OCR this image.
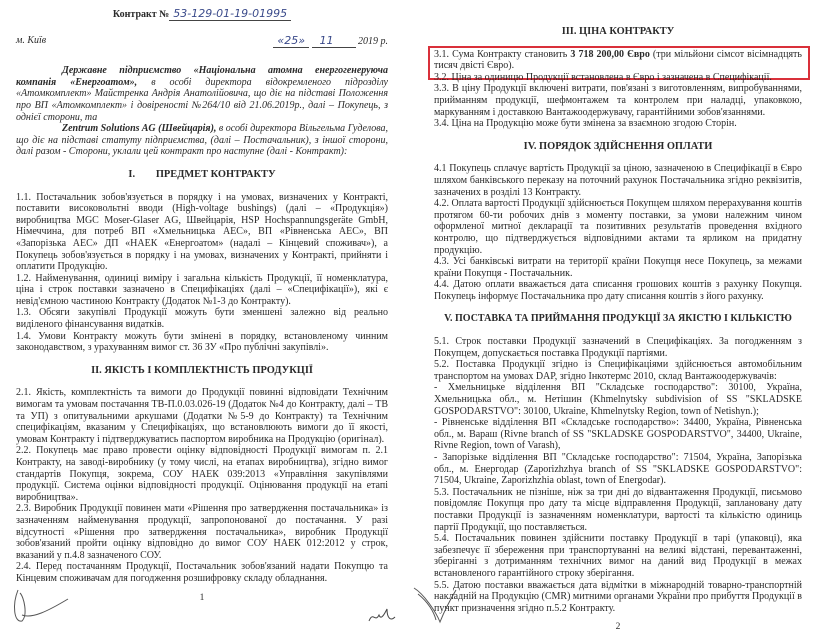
Контракт № 53-129-01-19-01995
м. Київ	«25» 11 2019 р.
Державне підприємство «Національна атомна енергогенеруюча компанія «Енергоатом», в особі директора відокремленого підрозділу «Атомкомплект» Майстренка Андрія Анатолійовича, що діє на підставі Положення про ВП «Атомкомплект» і довіреності №264/10 від 21.06.2019р., далі – Покупець, з однієї сторони, та
Zentrum Solutions AG (Швейцарія), в особі директора Вільгельма Гуделова, що діє на підставі статуту підприємства, (далі – Постачальник), з іншої сторони, далі разом - Сторони, уклали цей контракт про наступне (далі - Контракт):
I.        ПРЕДМЕТ КОНТРАКТУ
1.1. Постачальник зобов'язується в порядку і на умовах, визначених у Контракті, поставити високовольтні вводи (High-voltage bushings) (далі – «Продукція») виробництва MGC Moser-Glaser AG, Швейцарія, HSP Hochspannungsgeräte GmbH, Німеччина, для потреб ВП «Хмельницька АЕС», ВП «Рівненська АЕС», ВП «Запорізька АЕС» ДП «НАЕК «Енергоатом» (надалі – Кінцевий споживач»), а Покупець зобов'язується в порядку і на умовах, визначених у Контракті, прийняти і оплатити Продукцію.
1.2. Найменування, одиниці виміру і загальна кількість Продукції, її номенклатура, ціна і строк поставки зазначено в Специфікаціях (далі – «Специфікації»), які є невід'ємною частиною Контракту (Додаток №1-3 до Контракту).
1.3. Обсяги закупівлі Продукції можуть бути зменшені залежно від реально виділеного фінансування видатків.
1.4. Умови Контракту можуть бути змінені в порядку, встановленому чинним законодавством, з урахуванням вимог ст. 36 ЗУ «Про публічні закупівлі».
II. ЯКІСТЬ І КОМПЛЕКТНІСТЬ ПРОДУКЦІЇ
2.1. Якість, комплектність та вимоги до Продукції повинні відповідати Технічним вимогам та умовам постачання ТВ-П.0.03.026-19 (Додаток №4 до Контракту, далі – ТВ та УП) з опитувальними аркушами (Додатки №5-9 до Контракту) та Технічним специфікаціям, вказаним у Специфікаціях, що встановлюють вимоги до її якості, умовам Контракту і підтверджуватись паспортом виробника на Продукцію (оригінал).
2.2. Покупець має право провести оцінку відповідності Продукції вимогам п. 2.1 Контракту, на заводі-виробнику (у тому числі, на етапах виробництва), згідно вимог стандартів Покупця, зокрема, СОУ НАЕК 039:2013 «Управління закупівлями продукції. Система оцінки відповідності продукції. Оцінювання продукції на етапі виробництва».
2.3. Виробник Продукції повинен мати «Рішення про затвердження постачальника» із зазначенням найменування продукції, запропонованої до постачання. У разі відсутності «Рішення про затвердження постачальника», виробник Продукції зобов'язаний пройти оцінку відповідно до вимог СОУ НАЕК 012:2012 у строк, вказаний у п.4.8 зазначеного СОУ.
2.4. Перед постачанням Продукції, Постачальник зобов'язаний надати Покупцю та Кінцевим споживачам для погодження розшифровку складу обладнання.
1
III. ЦІНА КОНТРАКТУ
3.1. Сума Контракту становить 3 718 200,00 Євро (три мільйони сімсот вісімнадцять тисяч двісті Євро).
3.2. Ціна за одиницю Продукції встановлена в Євро і зазначена в Специфікації.
3.3. В ціну Продукції включені витрати, пов'язані з виготовленням, випробуваннями, прийманням продукції, шефмонтажем та контролем при наладці, упаковкою, маркуванням і доставкою Вантажоодержувачу, гарантійними зобов'язаннями.
3.4. Ціна на Продукцію може бути змінена за взаємною згодою Сторін.
IV. ПОРЯДОК ЗДІЙСНЕННЯ ОПЛАТИ
4.1 Покупець сплачує вартість Продукції за ціною, зазначеною в Специфікації в Євро шляхом банківського переказу на поточний рахунок Постачальника згідно реквізитів, зазначених в розділі 13 Контракту.
4.2. Оплата вартості Продукції здійснюється Покупцем шляхом перерахування коштів протягом 60-ти робочих днів з моменту поставки, за умови належним чином оформленої митної декларації та позитивних результатів проведення вхідного контролю, що підтверджується відповідними актами та ярликом на придатну продукцію.
4.3. Усі банківські витрати на території країни Покупця несе Покупець, за межами країни Покупця - Постачальник.
4.4. Датою оплати вважається дата списання грошових коштів з рахунку Покупця. Покупець інформує Постачальника про дату списання коштів з його рахунку.
V. ПОСТАВКА ТА ПРИЙМАННЯ ПРОДУКЦІЇ ЗА ЯКІСТЮ І КІЛЬКІСТЮ
5.1. Строк поставки Продукції зазначений в Специфікаціях. За погодженням з Покупцем, допускається поставка Продукції партіями.
5.2. Поставка Продукції згідно із Специфікаціями здійснюється автомобільним транспортом на умовах DAP, згідно Інкотермс 2010, склад Вантажоодержувачів:
- Хмельницьке відділення ВП "Складське господарство": 30100, Україна, Хмельницька обл., м. Нетішин (Khmelnytsky subdivision of SS "SKLADSKE GOSPODARSTVO": 30100, Ukraine, Khmelnytsky Region, town of Netishyn.);
- Рівненське відділення ВП «Складське господарство»: 34400, Україна, Рівненська обл., м. Вараш (Rivne branch of SS "SKLADSKE GOSPODARSTVO", 34400, Ukraine, Rivne Region, town of Varash),
- Запорізьке відділення ВП "Складське господарство": 71504, Україна, Запорізька обл., м. Енергодар (Zaporizhzhya branch of SS "SKLADSKE GOSPODARSTVO": 71504, Ukraine, Zaporizhzhia oblast, town of Energodar).
5.3. Постачальник не пізніше, ніж за три дні до відвантаження Продукції, письмово повідомляє Покупця про дату та місце відправлення Продукції, заплановану дату поставки Продукції із зазначенням номенклатури, вартості та кількістю одиниць партії Продукції, що поставляється.
5.4. Постачальник повинен здійснити поставку Продукції в тарі (упаковці), яка забезпечує її збереження при транспортуванні на великі відстані, перевантаженні, зберіганні з дотриманням технічних вимог на даний вид Продукції в межах встановленого гарантійного строку зберігання.
5.5. Датою поставки вважається дата відмітки в міжнародній товарно-транспортній накладній на Продукцію (CMR) митними органами України про прибуття Продукції в пункт призначення згідно п.5.2 Контракту.
2
